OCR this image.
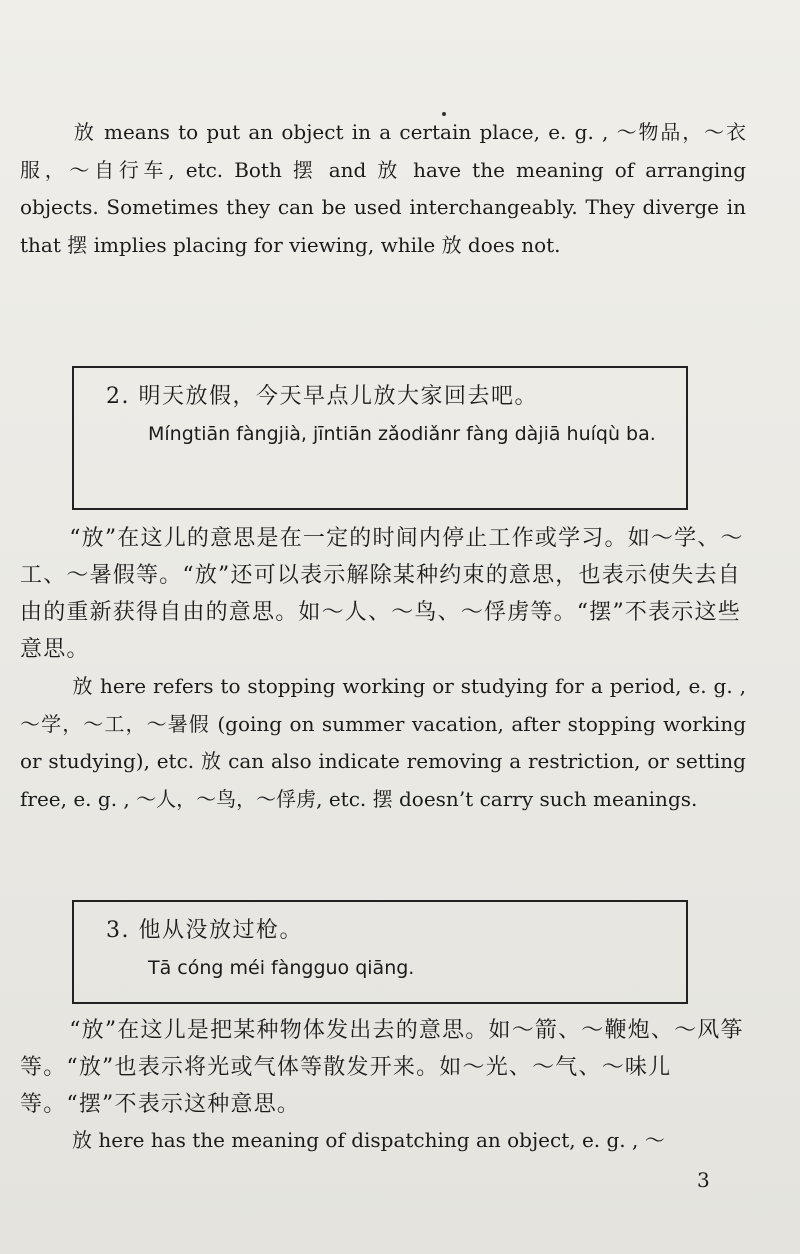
　放 means to put an object in a certain place, e. g. , ～物品，～衣服，～自行车, etc. Both 摆 and 放 have the meaning of arranging objects. Sometimes they can be used interchangeably. They diverge in that 摆 implies placing for viewing, while 放 does not.

2. 明天放假，今天早点儿放大家回去吧。
Míngtiān fàngjià, jīntiān zǎodiǎnr fàng dàjiā huíqù ba.

　“放”在这儿的意思是在一定的时间内停止工作或学习。如～学、～工、～暑假等。“放”还可以表示解除某种约束的意思，也表示使失去自由的重新获得自由的意思。如～人、～鸟、～俘虏等。“摆”不表示这些意思。

　放 here refers to stopping working or studying for a period, e. g. , ～学，～工，～暑假 (going on summer vacation, after stopping working or studying), etc. 放 can also indicate removing a restriction, or setting free, e. g. , ～人，～鸟，～俘虏, etc. 摆 doesn’t carry such meanings.

3. 他从没放过枪。
Tā cóng méi fàngguo qiāng.

　“放”在这儿是把某种物体发出去的意思。如～箭、～鞭炮、～风筝等。“放”也表示将光或气体等散发开来。如～光、～气、～味儿等。“摆”不表示这种意思。

　放 here has the meaning of dispatching an object, e. g. , ～

3
